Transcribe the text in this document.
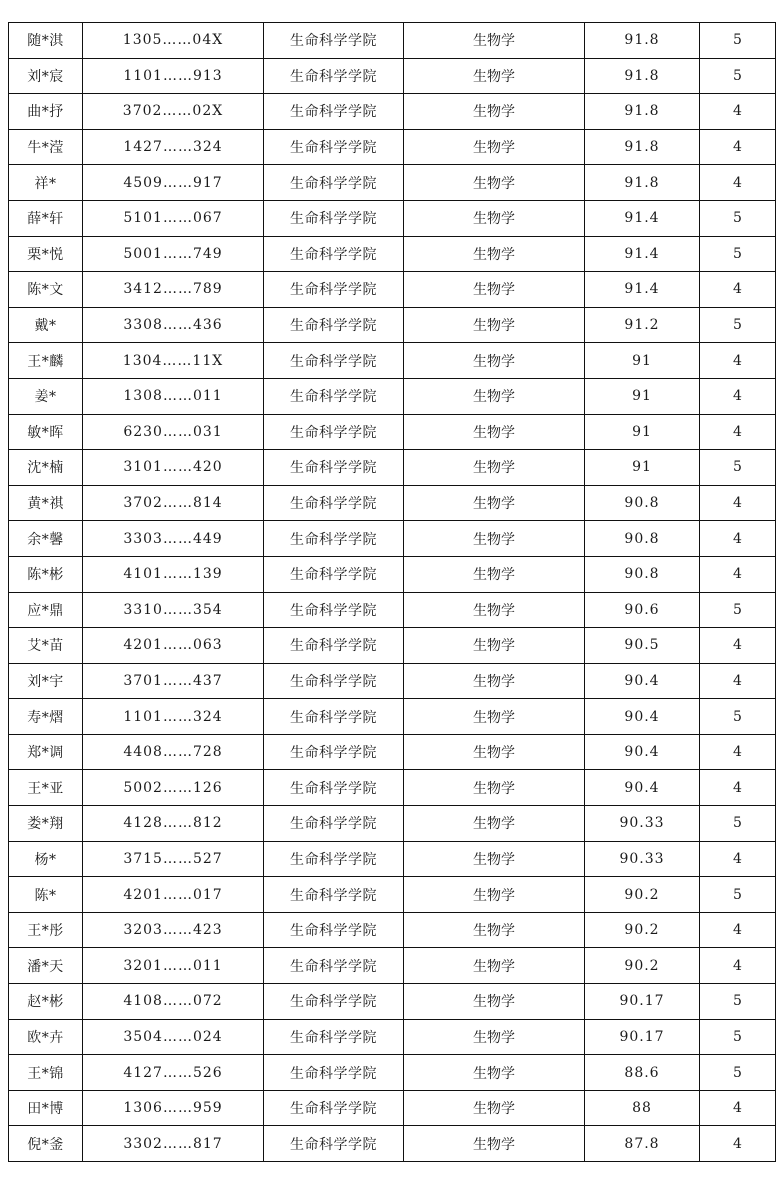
随*淇	1305……04X	生命科学学院	生物学	91.8	5
刘*宸	1101……913	生命科学学院	生物学	91.8	5
曲*抒	3702……02X	生命科学学院	生物学	91.8	4
牛*滢	1427……324	生命科学学院	生物学	91.8	4
祥*	4509……917	生命科学学院	生物学	91.8	4
薛*轩	5101……067	生命科学学院	生物学	91.4	5
栗*悦	5001……749	生命科学学院	生物学	91.4	5
陈*文	3412……789	生命科学学院	生物学	91.4	4
戴*	3308……436	生命科学学院	生物学	91.2	5
王*麟	1304……11X	生命科学学院	生物学	91	4
姜*	1308……011	生命科学学院	生物学	91	4
敏*晖	6230……031	生命科学学院	生物学	91	4
沈*楠	3101……420	生命科学学院	生物学	91	5
黄*祺	3702……814	生命科学学院	生物学	90.8	4
余*馨	3303……449	生命科学学院	生物学	90.8	4
陈*彬	4101……139	生命科学学院	生物学	90.8	4
应*鼎	3310……354	生命科学学院	生物学	90.6	5
艾*苗	4201……063	生命科学学院	生物学	90.5	4
刘*宇	3701……437	生命科学学院	生物学	90.4	4
寿*熠	1101……324	生命科学学院	生物学	90.4	5
郑*调	4408……728	生命科学学院	生物学	90.4	4
王*亚	5002……126	生命科学学院	生物学	90.4	4
娄*翔	4128……812	生命科学学院	生物学	90.33	5
杨*	3715……527	生命科学学院	生物学	90.33	4
陈*	4201……017	生命科学学院	生物学	90.2	5
王*彤	3203……423	生命科学学院	生物学	90.2	4
潘*天	3201……011	生命科学学院	生物学	90.2	4
赵*彬	4108……072	生命科学学院	生物学	90.17	5
欧*卉	3504……024	生命科学学院	生物学	90.17	5
王*锦	4127……526	生命科学学院	生物学	88.6	5
田*博	1306……959	生命科学学院	生物学	88	4
倪*釜	3302……817	生命科学学院	生物学	87.8	4
